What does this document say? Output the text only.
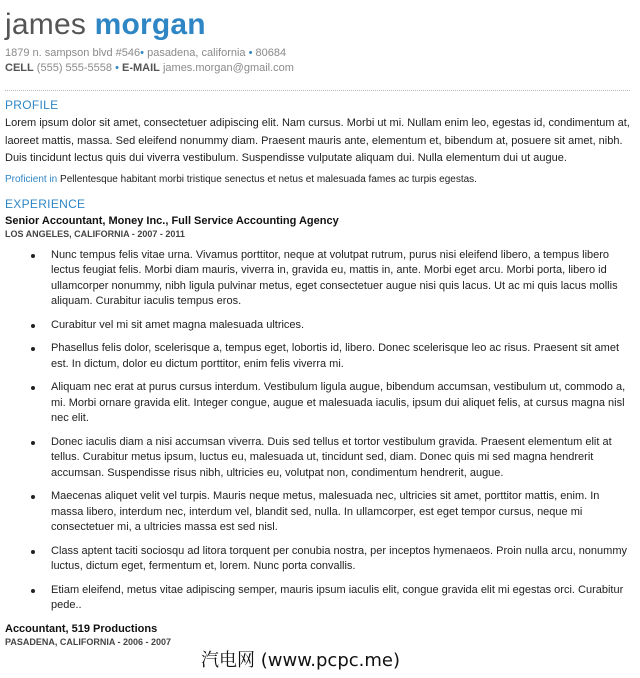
james morgan
1879 n. sampson blvd #546• pasadena, california • 80684
CELL (555) 555-5558 • E-MAIL james.morgan@gmail.com
PROFILE
Lorem ipsum dolor sit amet, consectetuer adipiscing elit. Nam cursus. Morbi ut mi. Nullam enim leo, egestas id, condimentum at, laoreet mattis, massa. Sed eleifend nonummy diam. Praesent mauris ante, elementum et, bibendum at, posuere sit amet, nibh. Duis tincidunt lectus quis dui viverra vestibulum. Suspendisse vulputate aliquam dui. Nulla elementum dui ut augue.
Proficient in Pellentesque habitant morbi tristique senectus et netus et malesuada fames ac turpis egestas.
EXPERIENCE
Senior Accountant, Money Inc., Full Service Accounting Agency
LOS ANGELES, CALIFORNIA - 2007 - 2011
Nunc tempus felis vitae urna. Vivamus porttitor, neque at volutpat rutrum, purus nisi eleifend libero, a tempus libero lectus feugiat felis. Morbi diam mauris, viverra in, gravida eu, mattis in, ante. Morbi eget arcu. Morbi porta, libero id ullamcorper nonummy, nibh ligula pulvinar metus, eget consectetuer augue nisi quis lacus. Ut ac mi quis lacus mollis aliquam. Curabitur iaculis tempus eros.
Curabitur vel mi sit amet magna malesuada ultrices.
Phasellus felis dolor, scelerisque a, tempus eget, lobortis id, libero. Donec scelerisque leo ac risus. Praesent sit amet est. In dictum, dolor eu dictum porttitor, enim felis viverra mi.
Aliquam nec erat at purus cursus interdum. Vestibulum ligula augue, bibendum accumsan, vestibulum ut, commodo a, mi. Morbi ornare gravida elit. Integer congue, augue et malesuada iaculis, ipsum dui aliquet felis, at cursus magna nisl nec elit.
Donec iaculis diam a nisi accumsan viverra. Duis sed tellus et tortor vestibulum gravida. Praesent elementum elit at tellus. Curabitur metus ipsum, luctus eu, malesuada ut, tincidunt sed, diam. Donec quis mi sed magna hendrerit accumsan. Suspendisse risus nibh, ultricies eu, volutpat non, condimentum hendrerit, augue.
Maecenas aliquet velit vel turpis. Mauris neque metus, malesuada nec, ultricies sit amet, porttitor mattis, enim. In massa libero, interdum nec, interdum vel, blandit sed, nulla. In ullamcorper, est eget tempor cursus, neque mi consectetuer mi, a ultricies massa est sed nisl.
Class aptent taciti sociosqu ad litora torquent per conubia nostra, per inceptos hymenaeos. Proin nulla arcu, nonummy luctus, dictum eget, fermentum et, lorem. Nunc porta convallis.
Etiam eleifend, metus vitae adipiscing semper, mauris ipsum iaculis elit, congue gravida elit mi egestas orci. Curabitur pede..
Accountant, 519 Productions
PASADENA, CALIFORNIA - 2006 - 2007
汽电网 (www.pcpc.me)
